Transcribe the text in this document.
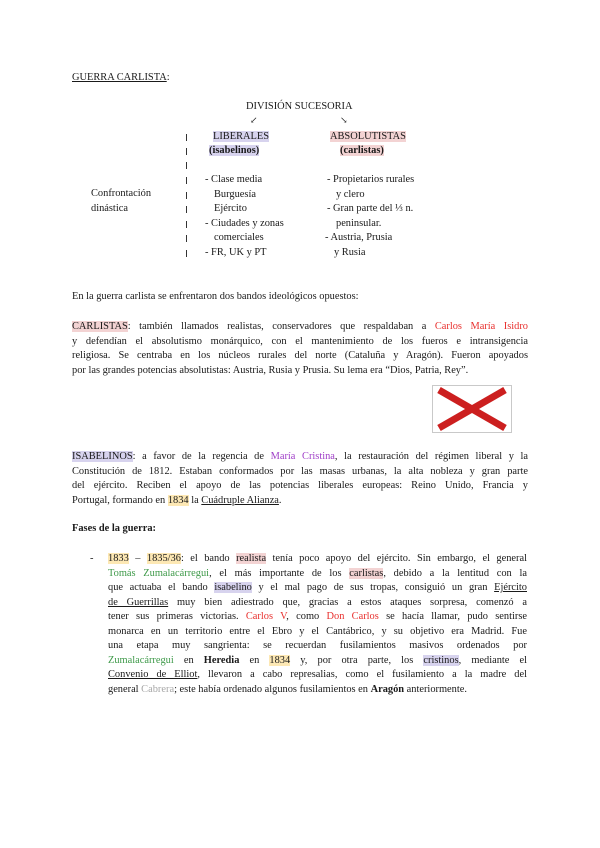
GUERRA CARLISTA:
DIVISIÓN SUCESORIA
↙	↘
LIBERALES
(isabelinos)
ABSOLUTISTAS
(carlistas)
Confrontación
dinástica
- Clase media
Burguesía
Ejército
- Ciudades y zonas
comerciales
- FR, UK y PT
- Propietarios rurales
y clero
- Gran parte del ⅓ n.
peninsular.
- Austria, Prusia
y Rusia
En la guerra carlista se enfrentaron dos bandos ideológicos opuestos:
CARLISTAS: también llamados realistas, conservadores que respaldaban a Carlos María Isidro
y defendían el absolutismo monárquico, con el mantenimiento de los fueros e intransigencia
religiosa. Se centraba en los núcleos rurales del norte (Cataluña y Aragón). Fueron apoyados
por las grandes potencias absolutistas: Austria, Rusia y Prusia. Su lema era “Dios, Patria, Rey”.
ISABELINOS: a favor de la regencia de María Cristina, la restauración del régimen liberal y la
Constitución de 1812. Estaban conformados por las masas urbanas, la alta nobleza y gran parte
del ejército. Reciben el apoyo de las potencias liberales europeas: Reino Unido, Francia y
Portugal, formando en 1834 la Cuádruple Alianza.
Fases de la guerra:
- 1833 – 1835/36: el bando realista tenía poco apoyo del ejército. Sin embargo, el general
Tomás Zumalacárregui, el más importante de los carlistas, debido a la lentitud con la
que actuaba el bando isabelino y el mal pago de sus tropas, consiguió un gran Ejército
de Guerrillas muy bien adiestrado que, gracias a estos ataques sorpresa, comenzó a
tener sus primeras victorias. Carlos V, como Don Carlos se hacía llamar, pudo sentirse
monarca en un territorio entre el Ebro y el Cantábrico, y su objetivo era Madrid. Fue
una etapa muy sangrienta: se recuerdan fusilamientos masivos ordenados por
Zumalacárregui en Heredia en 1834 y, por otra parte, los cristinos, mediante el
Convenio de Elliot, llevaron a cabo represalias, como el fusilamiento a la madre del
general Cabrera; este había ordenado algunos fusilamientos en Aragón anteriormente.
